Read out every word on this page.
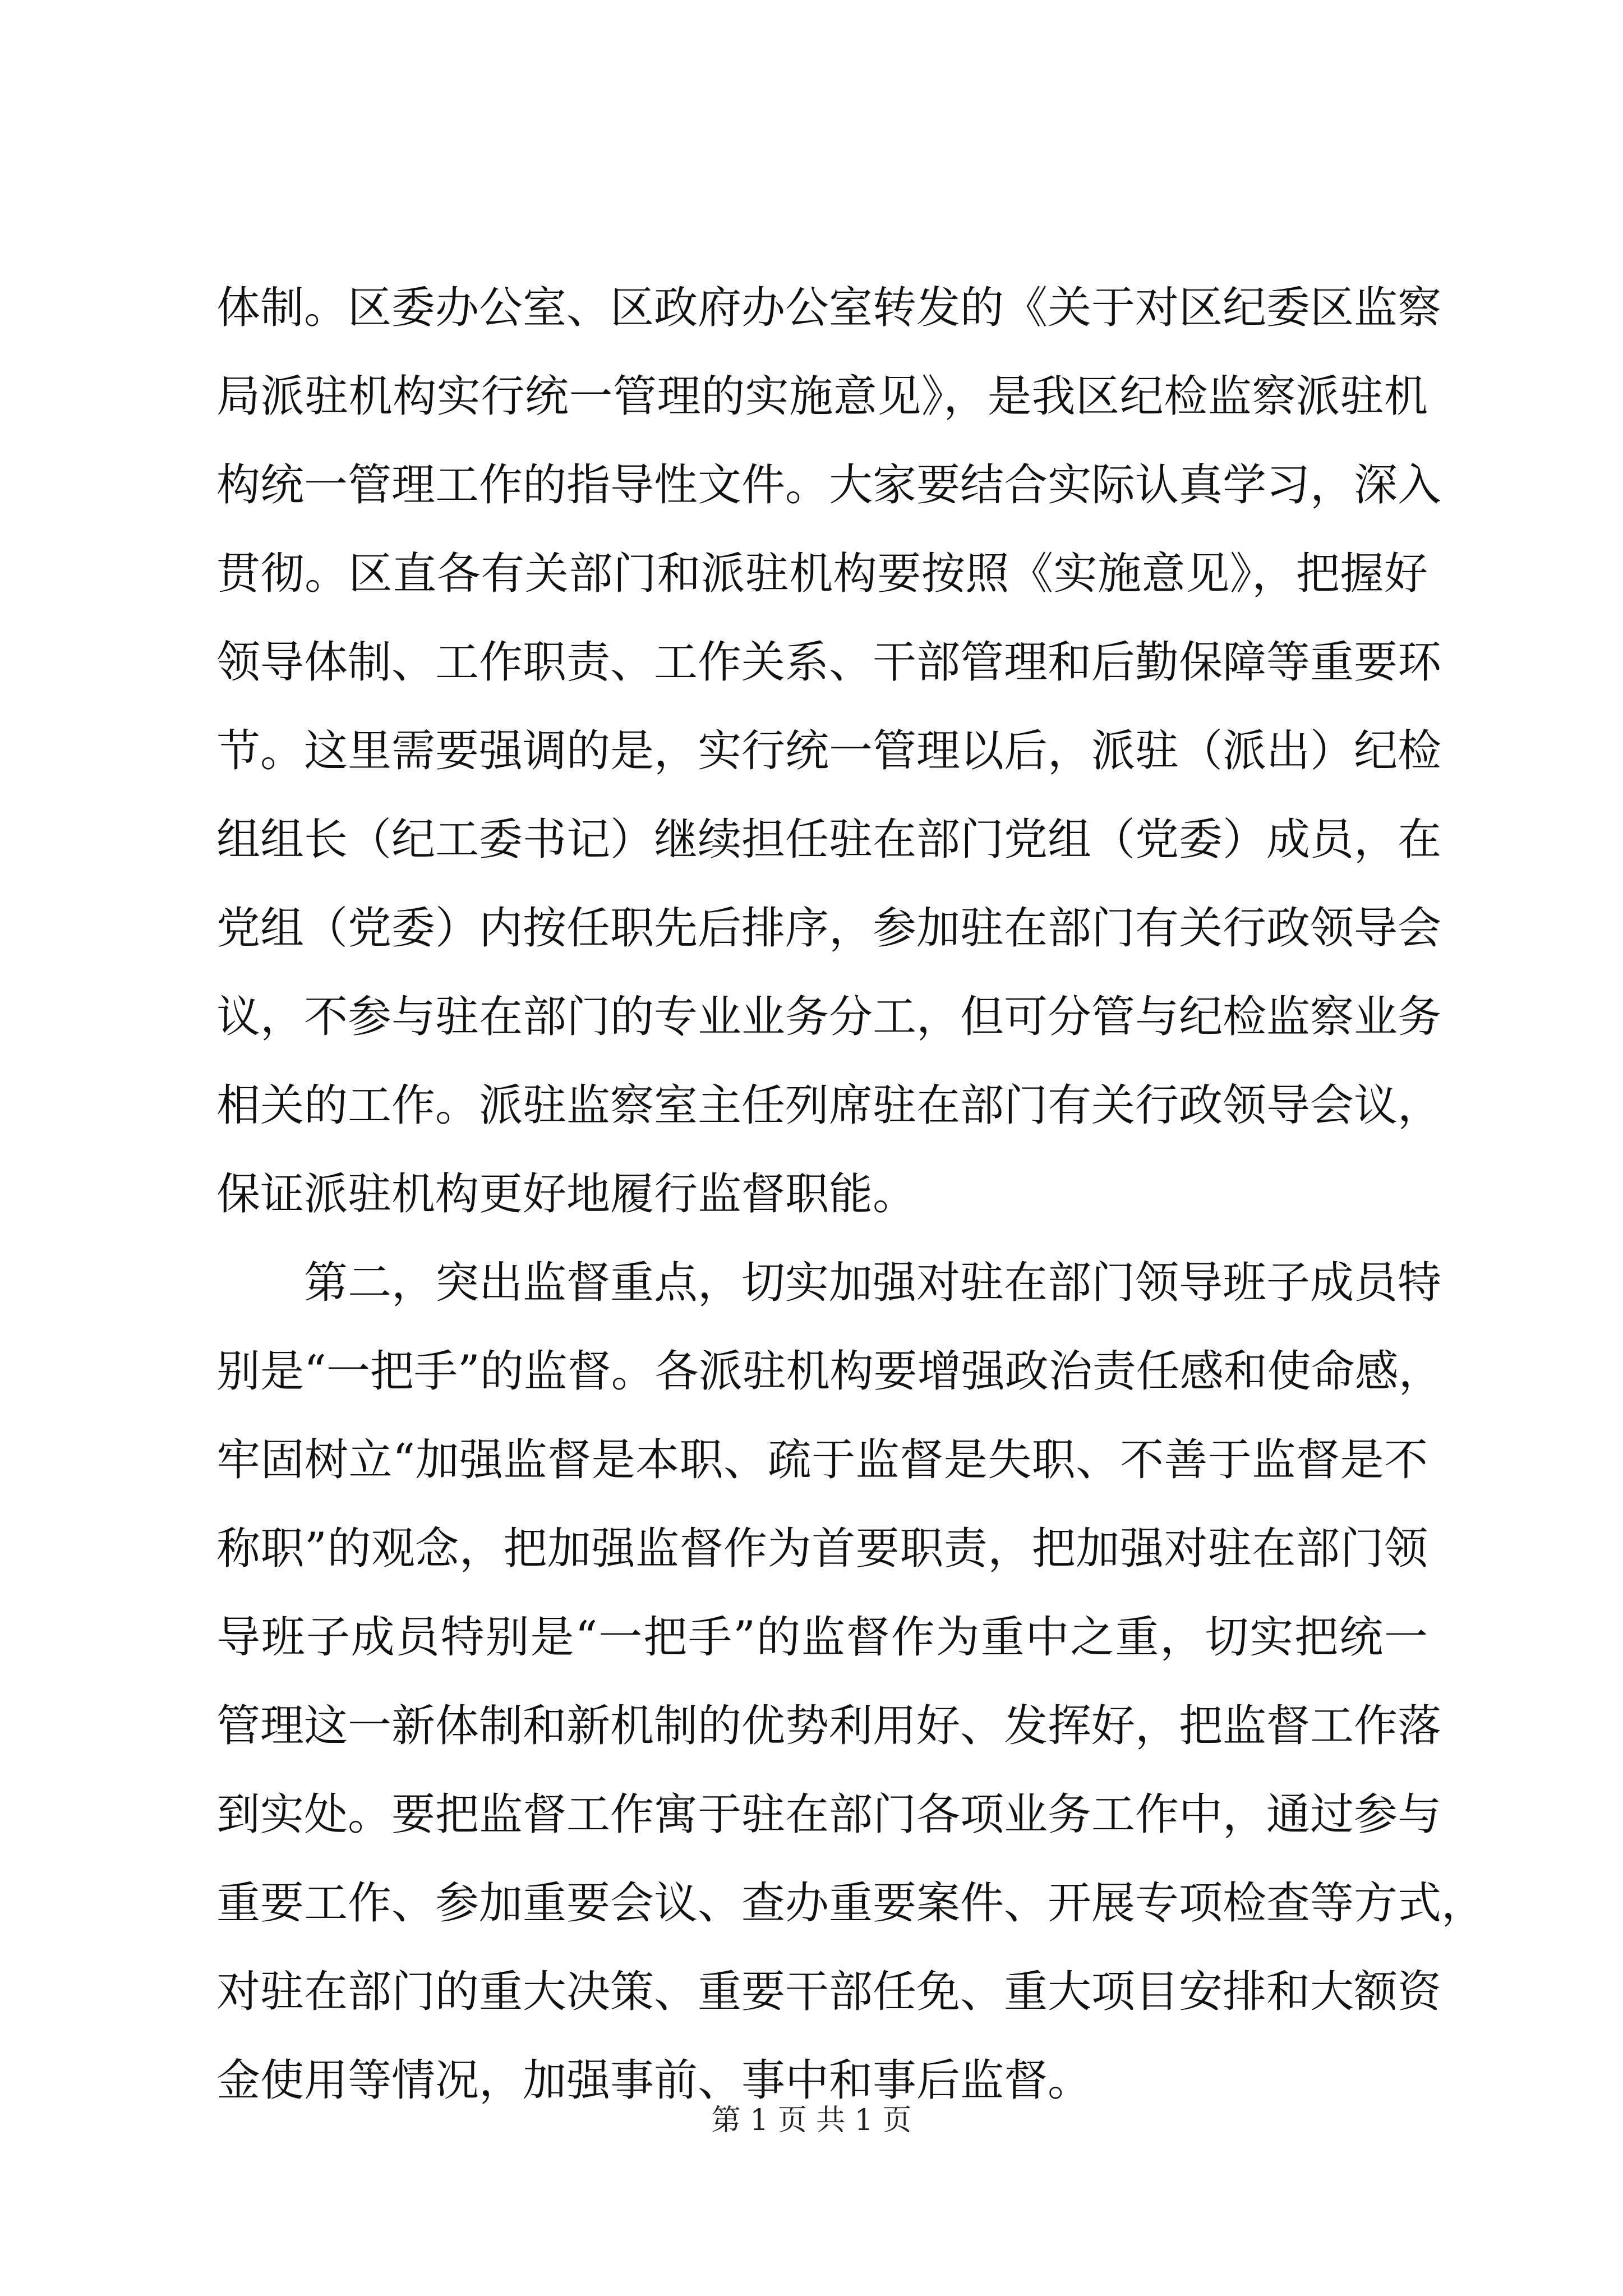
体制。区委办公室、区政府办公室转发的《关于对区纪委区监察
局派驻机构实行统一管理的实施意见》，是我区纪检监察派驻机
构统一管理工作的指导性文件。大家要结合实际认真学习，深入
贯彻。区直各有关部门和派驻机构要按照《实施意见》，把握好
领导体制、工作职责、工作关系、干部管理和后勤保障等重要环
节。这里需要强调的是，实行统一管理以后，派驻（派出）纪检
组组长（纪工委书记）继续担任驻在部门党组（党委）成员，在
党组（党委）内按任职先后排序，参加驻在部门有关行政领导会
议，不参与驻在部门的专业业务分工，但可分管与纪检监察业务
相关的工作。派驻监察室主任列席驻在部门有关行政领导会议，
保证派驻机构更好地履行监督职能。
第二，突出监督重点，切实加强对驻在部门领导班子成员特
别是“一把手”的监督。各派驻机构要增强政治责任感和使命感，
牢固树立“加强监督是本职、疏于监督是失职、不善于监督是不
称职”的观念，把加强监督作为首要职责，把加强对驻在部门领
导班子成员特别是“一把手”的监督作为重中之重，切实把统一
管理这一新体制和新机制的优势利用好、发挥好，把监督工作落
到实处。要把监督工作寓于驻在部门各项业务工作中，通过参与
重要工作、参加重要会议、查办重要案件、开展专项检查等方式，
对驻在部门的重大决策、重要干部任免、重大项目安排和大额资
金使用等情况，加强事前、事中和事后监督。
第 1 页 共 1 页
